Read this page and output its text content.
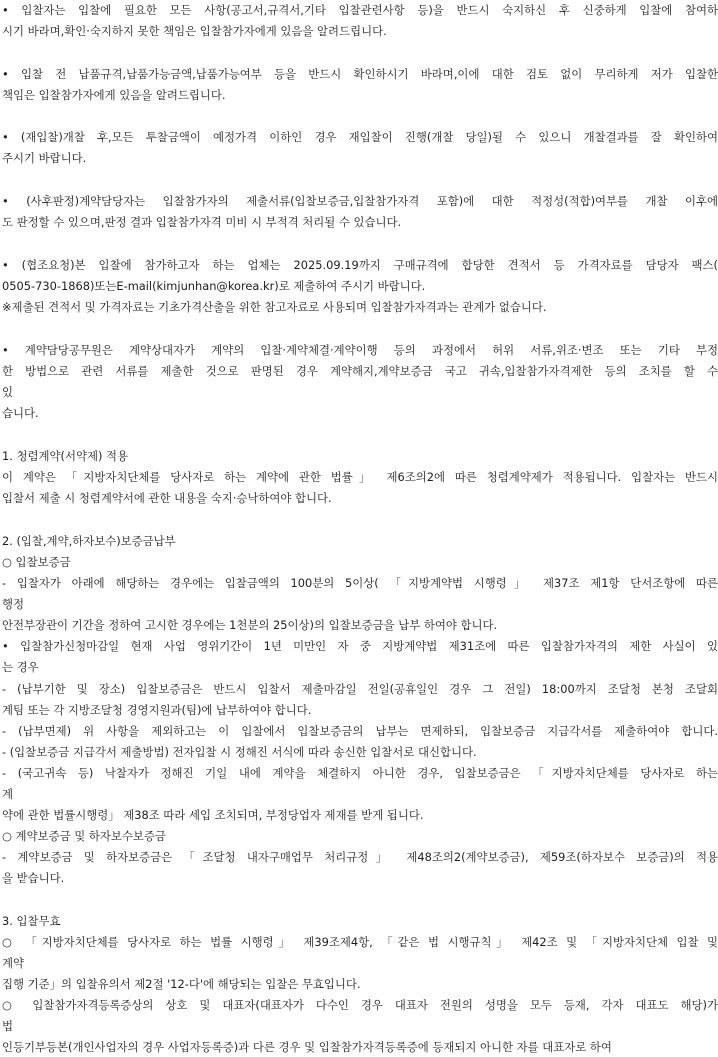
• 입찰자는 입찰에 필요한 모든 사항(공고서,규격서,기타 입찰관련사항 등)을 반드시 숙지하신 후 신중하게 입찰에 참여하
시기 바라며,확인·숙지하지 못한 책임은 입찰참가자에게 있음을 알려드립니다.
• 입찰 전 납품규격,납품가능금액,납품가능여부 등을 반드시 확인하시기 바라며,이에 대한 검토 없이 무리하게 저가 입찰한
책임은 입찰참가자에게 있음을 알려드립니다.
• (재입찰)개찰 후,모든 투찰금액이 예정가격 이하인 경우 재입찰이 진행(개찰 당일)될 수 있으니 개찰결과를 잘 확인하여
주시기 바랍니다.
• (사후판정)계약담당자는 입찰참가자의 제출서류(입찰보증금,입찰참가자격 포함)에 대한 적정성(적합)여부를 개찰 이후에
도 판정할 수 있으며,판정 결과 입찰참가자격 미비 시 부적격 처리될 수 있습니다.
• (협조요청)본 입찰에 참가하고자 하는 업체는 2025.09.19까지 구매규격에 합당한 견적서 등 가격자료를 담당자 팩스(
0505-730-1868)또는E-mail(kimjunhan@korea.kr)로 제출하여 주시기 바랍니다.
※제출된 견적서 및 가격자료는 기초가격산출을 위한 참고자료로 사용되며 입찰참가자격과는 관계가 없습니다.
• 계약담당공무원은 계약상대자가 계약의 입찰·계약체결·계약이행 등의 과정에서 허위 서류,위조·변조 또는 기타 부정
한 방법으로 관련 서류를 제출한 것으로 판명된 경우 계약해지,계약보증금 국고 귀속,입찰참가자격제한 등의 조치를 할 수
있
습니다.
1. 청렴계약(서약제) 적용
이 계약은 「지방자치단체를 당사자로 하는 계약에 관한 법률」 제6조의2에 따른 청렴계약제가 적용됩니다. 입찰자는 반드시
입찰서 제출 시 청렴계약서에 관한 내용을 숙지·승낙하여야 합니다.
2. (입찰,계약,하자보수)보증금납부
○ 입찰보증금
- 입찰자가 아래에 해당하는 경우에는 입찰금액의 100분의 5이상( 「지방계약법 시행령」 제37조 제1항 단서조항에 따른
행정
안전부장관이 기간을 정하여 고시한 경우에는 1천분의 25이상)의 입찰보증금을 납부 하여야 합니다.
• 입찰참가신청마감일 현재 사업 영위기간이 1년 미만인 자 중 지방계약법 제31조에 따른 입찰참가자격의 제한 사실이 있
는 경우
- (납부기한 및 장소) 입찰보증금은 반드시 입찰서 제출마감일 전일(공휴일인 경우 그 전일) 18:00까지 조달청 본청 조달회
계팀 또는 각 지방조달청 경영지원과(팀)에 납부하여야 합니다.
- (납부면제) 위 사항을 제외하고는 이 입찰에서 입찰보증금의 납부는 면제하되, 입찰보증금 지급각서를 제출하여야 합니다.
- (입찰보증금 지급각서 제출방법) 전자입찰 시 정해진 서식에 따라 송신한 입찰서로 대신합니다.
- (국고귀속 등) 낙찰자가 정해진 기일 내에 계약을 체결하지 아니한 경우, 입찰보증금은 「지방자치단체를 당사자로 하는
계
약에 관한 법률시행령」 제38조 따라 세입 조치되며, 부정당업자 제재를 받게 됩니다.
○ 계약보증금 및 하자보수보증금
- 계약보증금 및 하자보증금은 「조달청 내자구매업무 처리규정」 제48조의2(계약보증금), 제59조(하자보수 보증금)의 적용
을 받습니다.
3. 입찰무효
○ 「지방자치단체를 당사자로 하는 법률 시행령」 제39조제4항, 「같은 법 시행규칙」 제42조 및 「지방자치단체 입찰 및
계약
집행 기준」의 입찰유의서 제2절 '12-다'에 해당되는 입찰은 무효입니다.
○ 입찰참가자격등록증상의 상호 및 대표자(대표자가 다수인 경우 대표자 전원의 성명을 모두 등재, 각자 대표도 해당)가
법
인등기부등본(개인사업자의 경우 사업자등록증)과 다른 경우 및 입찰참가자격등록증에 등재되지 아니한 자를 대표자로 하여
